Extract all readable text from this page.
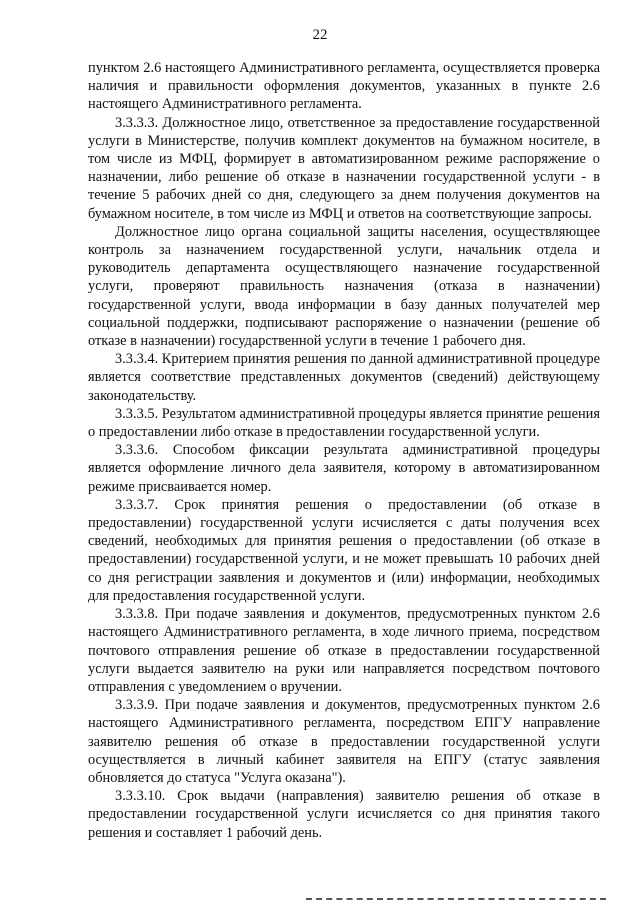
22

пунктом 2.6 настоящего Административного регламента, осуществляется проверка наличия и правильности оформления документов, указанных в пункте 2.6 настоящего Административного регламента.

3.3.3.3. Должностное лицо, ответственное за предоставление государственной услуги в Министерстве, получив комплект документов на бумажном носителе, в том числе из МФЦ, формирует в автоматизированном режиме распоряжение о назначении, либо решение об отказе в назначении государственной услуги - в течение 5 рабочих дней со дня, следующего за днем получения документов на бумажном носителе, в том числе из МФЦ и ответов на соответствующие запросы.

Должностное лицо органа социальной защиты населения, осуществляющее контроль за назначением государственной услуги, начальник отдела и руководитель департамента осуществляющего назначение государственной услуги, проверяют правильность назначения (отказа в назначении) государственной услуги, ввода информации в базу данных получателей мер социальной поддержки, подписывают распоряжение о назначении (решение об отказе в назначении) государственной услуги в течение 1 рабочего дня.

3.3.3.4. Критерием принятия решения по данной административной процедуре является соответствие представленных документов (сведений) действующему законодательству.

3.3.3.5. Результатом административной процедуры является принятие решения о предоставлении либо отказе в предоставлении государственной услуги.

3.3.3.6. Способом фиксации результата административной процедуры является оформление личного дела заявителя, которому в автоматизированном режиме присваивается номер.

3.3.3.7. Срок принятия решения о предоставлении (об отказе в предоставлении) государственной услуги исчисляется с даты получения всех сведений, необходимых для принятия решения о предоставлении (об отказе в предоставлении) государственной услуги, и не может превышать 10 рабочих дней со дня регистрации заявления и документов и (или) информации, необходимых для предоставления государственной услуги.

3.3.3.8. При подаче заявления и документов, предусмотренных пунктом 2.6 настоящего Административного регламента, в ходе личного приема, посредством почтового отправления решение об отказе в предоставлении государственной услуги выдается заявителю на руки или направляется посредством почтового отправления с уведомлением о вручении.

3.3.3.9. При подаче заявления и документов, предусмотренных пунктом 2.6 настоящего Административного регламента, посредством ЕПГУ направление заявителю решения об отказе в предоставлении государственной услуги осуществляется в личный кабинет заявителя на ЕПГУ (статус заявления обновляется до статуса "Услуга оказана").

3.3.3.10. Срок выдачи (направления) заявителю решения об отказе в предоставлении государственной услуги исчисляется со дня принятия такого решения и составляет 1 рабочий день.
